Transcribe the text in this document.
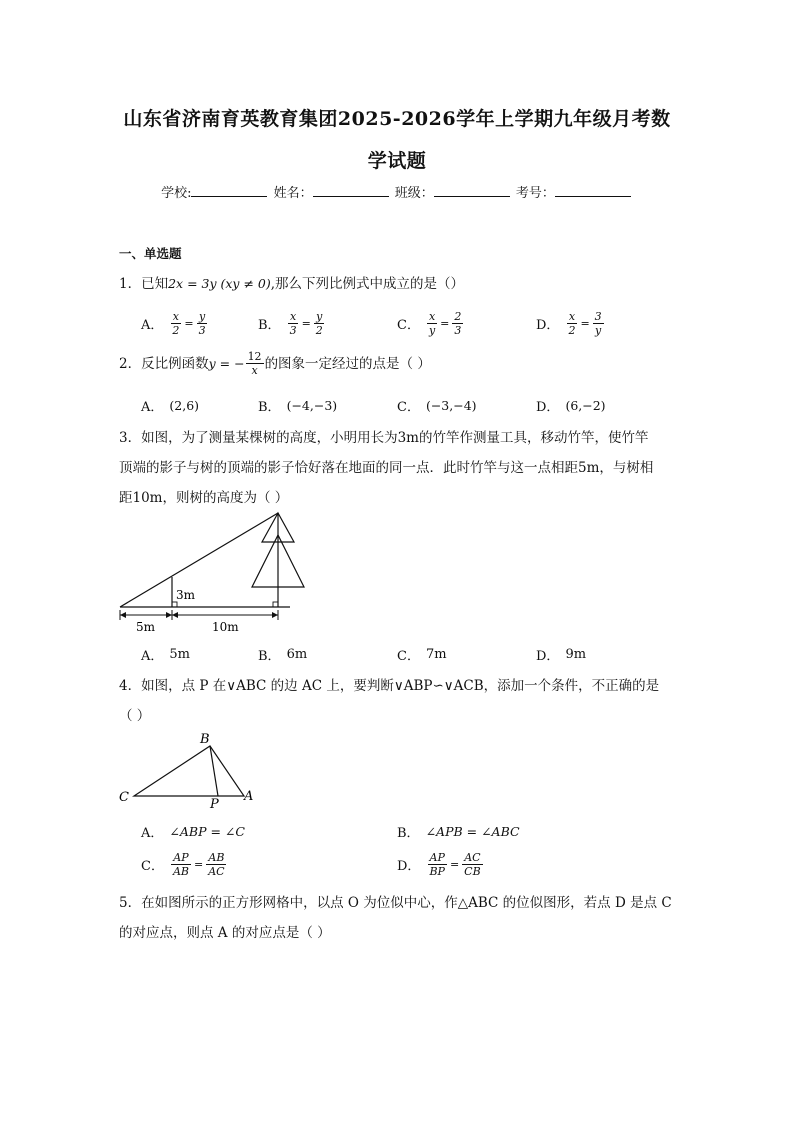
山东省济南育英教育集团2025-2026学年上学期九年级月考数
学试题
学校:	姓名：	班级：	考号：
一、单选题
1．已知2x = 3y (xy ≠ 0),那么下列比例式中成立的是（）
A． $\frac{x}{2} = \frac{y}{3}$	B． $\frac{x}{3} = \frac{y}{2}$	C． $\frac{x}{y} = \frac{2}{3}$	D． $\frac{x}{2} = \frac{3}{y}$
2．反比例函数 y = − $\frac{12}{x}$ 的图象一定经过的点是（ ）
A． (2,6)	B． (−4,−3)	C． (−3,−4)	D． (6,−2)
3．如图，为了测量某棵树的高度，小明用长为3m的竹竿作测量工具，移动竹竿，使竹竿
顶端的影子与树的顶端的影子恰好落在地面的同一点．此时竹竿与这一点相距5m，与树相
距10m，则树的高度为（ ）
3m
5m	10m
A． 5m	B． 6m	C． 7m	D． 9m
4．如图，点 P 在∨ABC 的边 AC 上，要判断∨ABP∽∨ACB，添加一个条件，不正确的是
（ ）
B
C	P
A
A． ∠ABP = ∠C	B． ∠APB = ∠ABC
C． $\frac{AP}{AB} = \frac{AB}{AC}$	D． $\frac{AP}{BP} = \frac{AC}{CB}$
5．在如图所示的正方形网格中，以点 O 为位似中心，作△ABC 的位似图形，若点 D 是点 C
的对应点，则点 A 的对应点是（ ）
